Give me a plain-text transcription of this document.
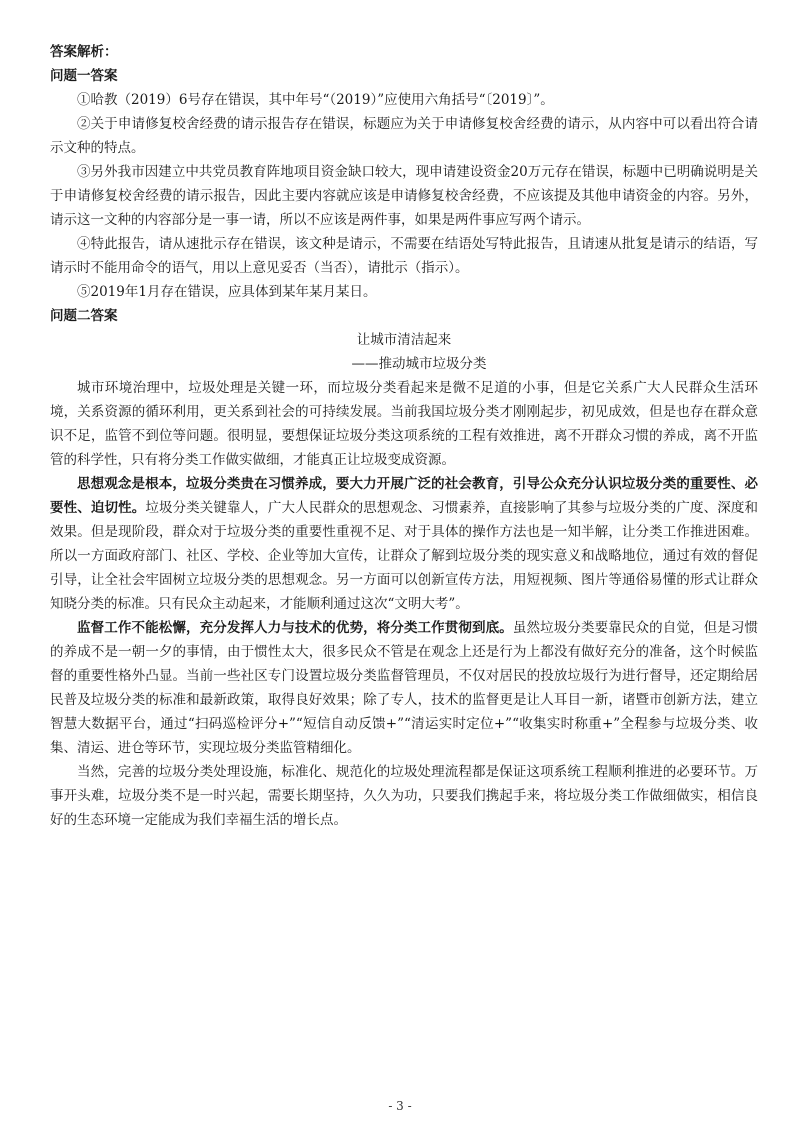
答案解析：

问题一答案

①哈教（2019）6号存在错误，其中年号“（2019）”应使用六角括号“〔2019〕”。

②关于申请修复校舍经费的请示报告存在错误，标题应为关于申请修复校舍经费的请示，从内容中可以看出符合请示文种的特点。

③另外我市因建立中共党员教育阵地项目资金缺口较大，现申请建设资金20万元存在错误，标题中已明确说明是关于申请修复校舍经费的请示报告，因此主要内容就应该是申请修复校舍经费，不应该提及其他申请资金的内容。另外，请示这一文种的内容部分是一事一请，所以不应该是两件事，如果是两件事应写两个请示。

④特此报告，请从速批示存在错误，该文种是请示，不需要在结语处写特此报告，且请速从批复是请示的结语，写请示时不能用命令的语气，用以上意见妥否（当否），请批示（指示）。

⑤2019年1月存在错误，应具体到某年某月某日。

问题二答案

让城市清洁起来

——推动城市垃圾分类

城市环境治理中，垃圾处理是关键一环，而垃圾分类看起来是微不足道的小事，但是它关系广大人民群众生活环境，关系资源的循环利用，更关系到社会的可持续发展。当前我国垃圾分类才刚刚起步，初见成效，但是也存在群众意识不足，监管不到位等问题。很明显，要想保证垃圾分类这项系统的工程有效推进，离不开群众习惯的养成，离不开监管的科学性，只有将分类工作做实做细，才能真正让垃圾变成资源。

思想观念是根本，垃圾分类贵在习惯养成，要大力开展广泛的社会教育，引导公众充分认识垃圾分类的重要性、必要性、迫切性。垃圾分类关键靠人，广大人民群众的思想观念、习惯素养，直接影响了其参与垃圾分类的广度、深度和效果。但是现阶段，群众对于垃圾分类的重要性重视不足、对于具体的操作方法也是一知半解，让分类工作推进困难。所以一方面政府部门、社区、学校、企业等加大宣传，让群众了解到垃圾分类的现实意义和战略地位，通过有效的督促引导，让全社会牢固树立垃圾分类的思想观念。另一方面可以创新宣传方法，用短视频、图片等通俗易懂的形式让群众知晓分类的标准。只有民众主动起来，才能顺利通过这次“文明大考”。

监督工作不能松懈，充分发挥人力与技术的优势，将分类工作贯彻到底。虽然垃圾分类要靠民众的自觉，但是习惯的养成不是一朝一夕的事情，由于惯性太大，很多民众不管是在观念上还是行为上都没有做好充分的准备，这个时候监督的重要性格外凸显。当前一些社区专门设置垃圾分类监督管理员，不仅对居民的投放垃圾行为进行督导，还定期给居民普及垃圾分类的标准和最新政策，取得良好效果；除了专人，技术的监督更是让人耳目一新，诸暨市创新方法，建立智慧大数据平台，通过“扫码巡检评分+”“短信自动反馈+”“清运实时定位+”“收集实时称重+”全程参与垃圾分类、收集、清运、进仓等环节，实现垃圾分类监管精细化。

当然，完善的垃圾分类处理设施，标准化、规范化的垃圾处理流程都是保证这项系统工程顺利推进的必要环节。万事开头难，垃圾分类不是一时兴起，需要长期坚持，久久为功，只要我们携起手来，将垃圾分类工作做细做实，相信良好的生态环境一定能成为我们幸福生活的增长点。

- 3 -
